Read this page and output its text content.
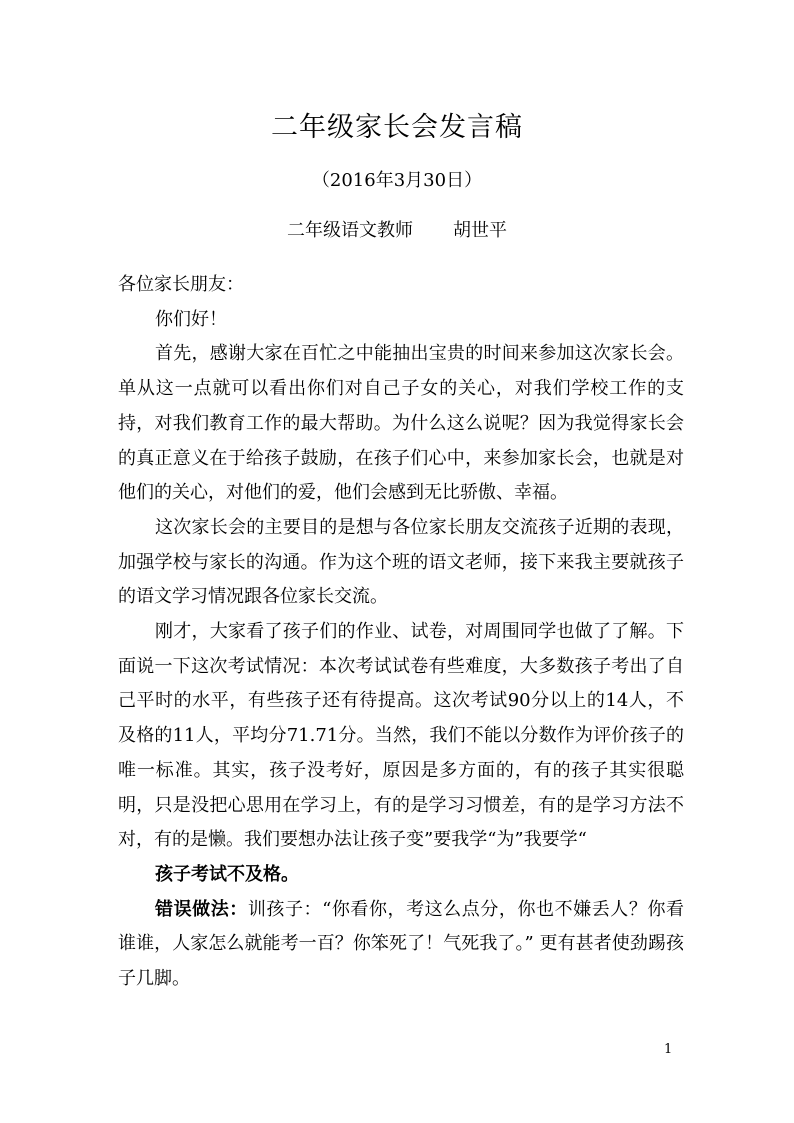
二年级家长会发言稿
（2016年3月30日）
二年级语文教师 胡世平

各位家长朋友：

你们好！

首先，感谢大家在百忙之中能抽出宝贵的时间来参加这次家长会。单从这一点就可以看出你们对自己子女的关心，对我们学校工作的支持，对我们教育工作的最大帮助。为什么这么说呢？因为我觉得家长会的真正意义在于给孩子鼓励，在孩子们心中，来参加家长会，也就是对他们的关心，对他们的爱，他们会感到无比骄傲、幸福。

这次家长会的主要目的是想与各位家长朋友交流孩子近期的表现，加强学校与家长的沟通。作为这个班的语文老师，接下来我主要就孩子的语文学习情况跟各位家长交流。

刚才，大家看了孩子们的作业、试卷，对周围同学也做了了解。下面说一下这次考试情况：本次考试试卷有些难度，大多数孩子考出了自己平时的水平，有些孩子还有待提高。这次考试90分以上的14人，不及格的11人，平均分71.71分。当然，我们不能以分数作为评价孩子的唯一标准。其实，孩子没考好，原因是多方面的，有的孩子其实很聪明，只是没把心思用在学习上，有的是学习习惯差，有的是学习方法不对，有的是懒。我们要想办法让孩子变”要我学“为”我要学“

孩子考试不及格。

错误做法：训孩子：“你看你，考这么点分，你也不嫌丢人？你看谁谁，人家怎么就能考一百？你笨死了！气死我了。” 更有甚者使劲踢孩子几脚。

1
